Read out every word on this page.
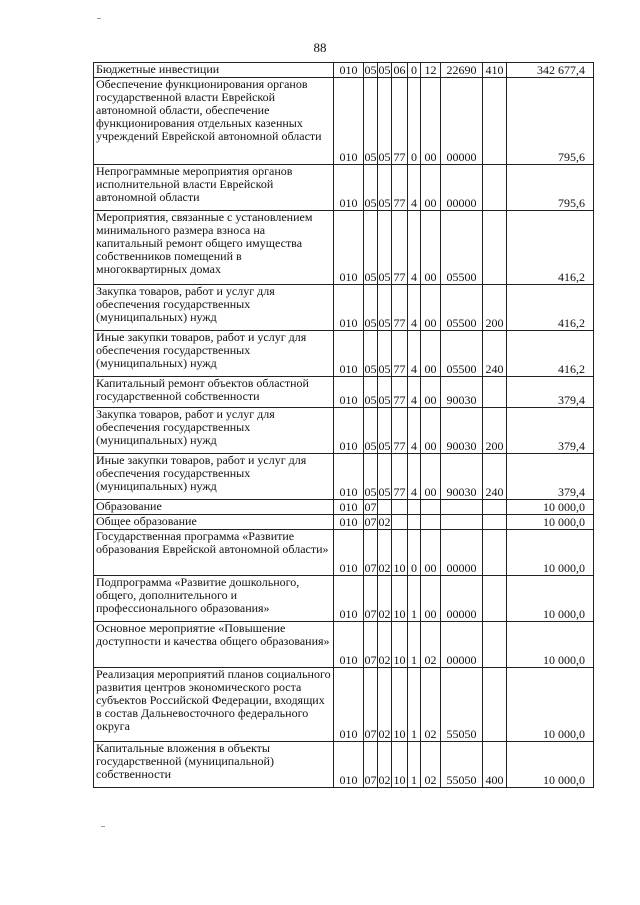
88
Бюджетные инвестиции	010	05	05	06	0	12	22690	410	342 677,4
Обеспечение функционирования органов государственной власти Еврейской автономной области, обеспечение функционирования отдельных казенных учреждений Еврейской автономной области	010	05	05	77	0	00	00000		795,6
Непрограммные мероприятия органов исполнительной власти Еврейской автономной области	010	05	05	77	4	00	00000		795,6
Мероприятия, связанные с установлением минимального размера взноса на капитальный ремонт общего имущества собственников помещений в многоквартирных домах	010	05	05	77	4	00	05500		416,2
Закупка товаров, работ и услуг для обеспечения государственных (муниципальных) нужд	010	05	05	77	4	00	05500	200	416,2
Иные закупки товаров, работ и услуг для обеспечения государственных (муниципальных) нужд	010	05	05	77	4	00	05500	240	416,2
Капитальный ремонт объектов областной государственной собственности	010	05	05	77	4	00	90030		379,4
Закупка товаров, работ и услуг для обеспечения государственных (муниципальных) нужд	010	05	05	77	4	00	90030	200	379,4
Иные закупки товаров, работ и услуг для обеспечения государственных (муниципальных) нужд	010	05	05	77	4	00	90030	240	379,4
Образование	010	07							10 000,0
Общее образование	010	07	02						10 000,0
Государственная программа «Развитие образования Еврейской автономной области»	010	07	02	10	0	00	00000		10 000,0
Подпрограмма «Развитие дошкольного, общего, дополнительного и профессионального образования»	010	07	02	10	1	00	00000		10 000,0
Основное мероприятие «Повышение доступности и качества общего образования»	010	07	02	10	1	02	00000		10 000,0
Реализация мероприятий планов социального развития центров экономического роста субъектов Российской Федерации, входящих в состав Дальневосточного федерального округа	010	07	02	10	1	02	55050		10 000,0
Капитальные вложения в объекты государственной (муниципальной) собственности	010	07	02	10	1	02	55050	400	10 000,0
